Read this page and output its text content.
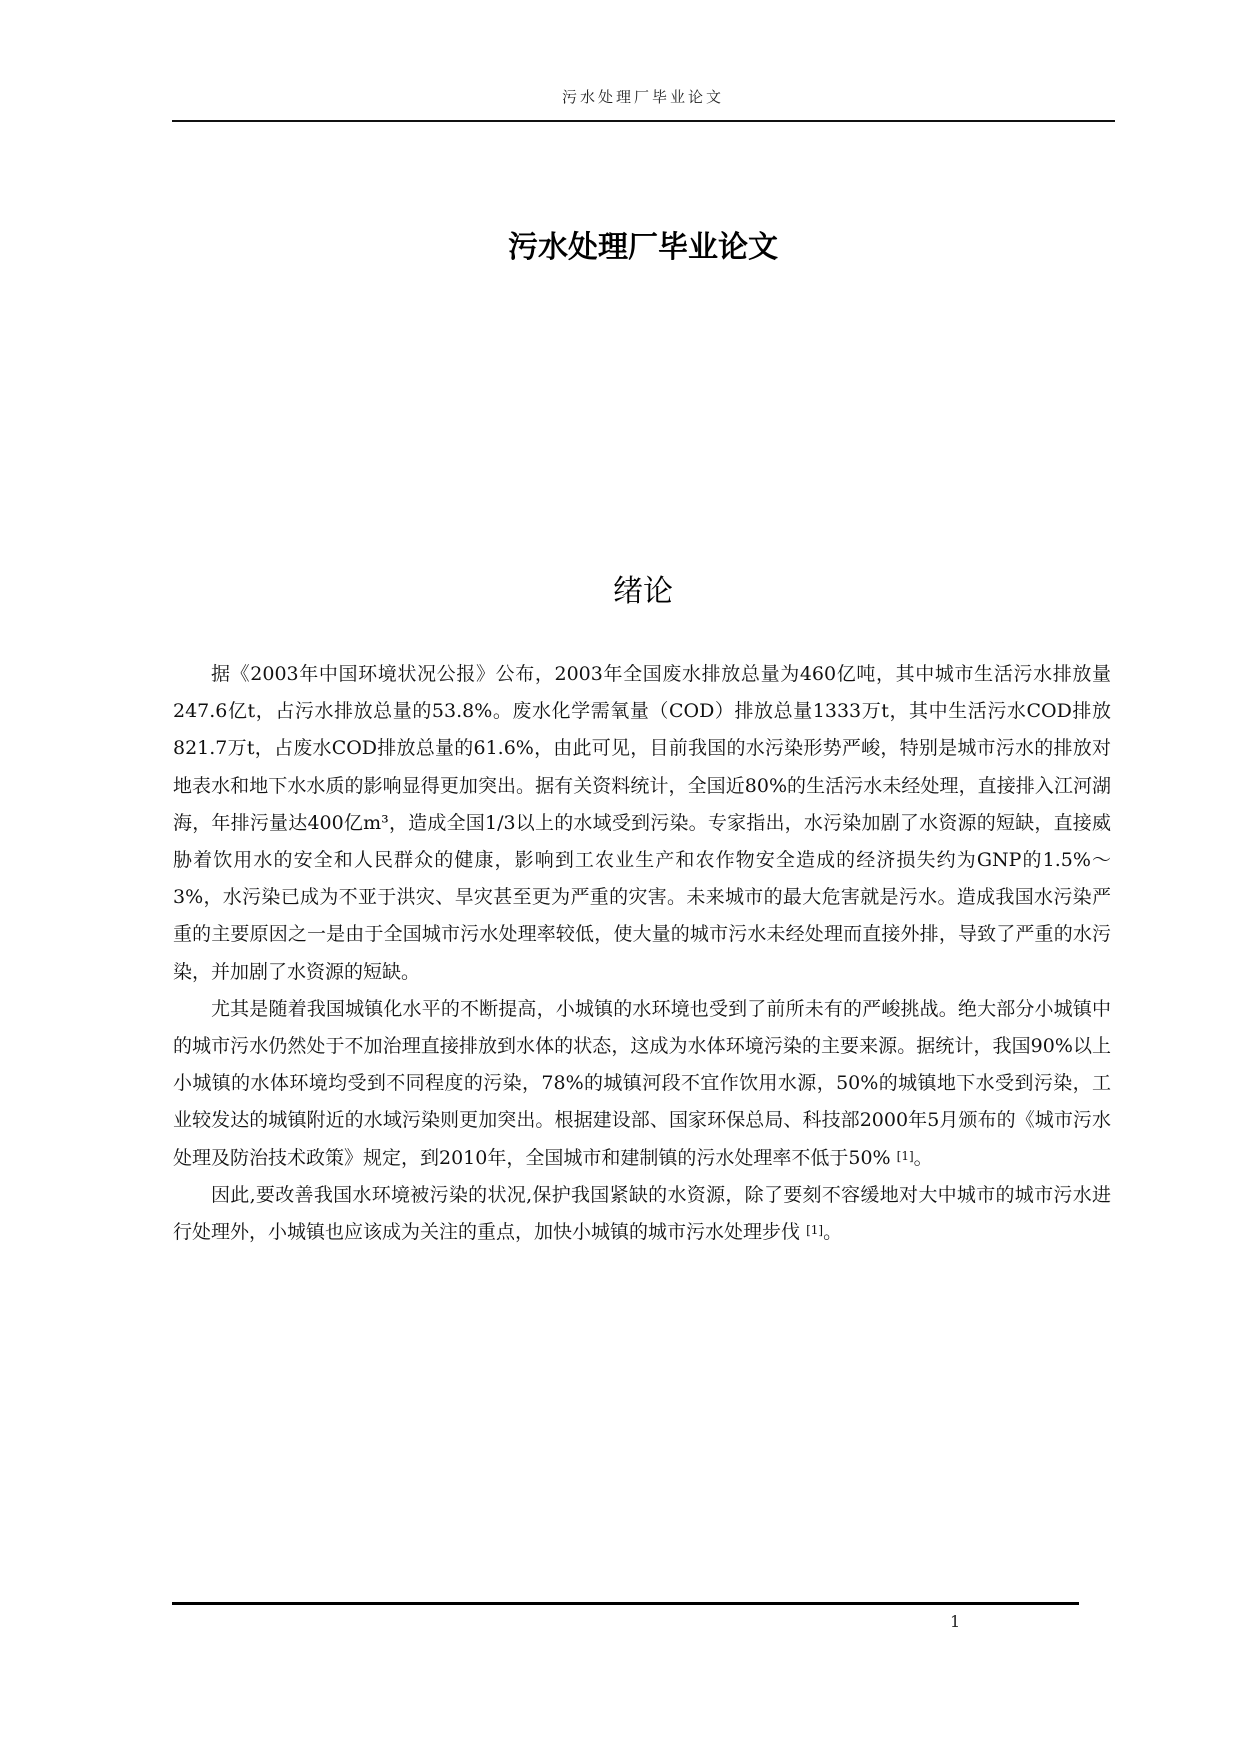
污水处理厂毕业论文
污水处理厂毕业论文
绪论

据《2003年中国环境状况公报》公布，2003年全国废水排放总量为460亿吨，其中城市生活污水排放量247.6亿t，占污水排放总量的53.8%。废水化学需氧量（COD）排放总量1333万t，其中生活污水COD排放821.7万t，占废水COD排放总量的61.6%，由此可见，目前我国的水污染形势严峻，特别是城市污水的排放对地表水和地下水水质的影响显得更加突出。据有关资料统计，全国近80%的生活污水未经处理，直接排入江河湖海，年排污量达400亿m³，造成全国1/3以上的水域受到污染。专家指出，水污染加剧了水资源的短缺，直接威胁着饮用水的安全和人民群众的健康，影响到工农业生产和农作物安全造成的经济损失约为GNP的1.5%～3%，水污染已成为不亚于洪灾、旱灾甚至更为严重的灾害。未来城市的最大危害就是污水。造成我国水污染严重的主要原因之一是由于全国城市污水处理率较低，使大量的城市污水未经处理而直接外排，导致了严重的水污染，并加剧了水资源的短缺。

尤其是随着我国城镇化水平的不断提高，小城镇的水环境也受到了前所未有的严峻挑战。绝大部分小城镇中的城市污水仍然处于不加治理直接排放到水体的状态，这成为水体环境污染的主要来源。据统计，我国90%以上小城镇的水体环境均受到不同程度的污染，78%的城镇河段不宜作饮用水源，50%的城镇地下水受到污染，工业较发达的城镇附近的水域污染则更加突出。根据建设部、国家环保总局、科技部2000年5月颁布的《城市污水处理及防治技术政策》规定，到2010年，全国城市和建制镇的污水处理率不低于50% [1]。

因此,要改善我国水环境被污染的状况,保护我国紧缺的水资源，除了要刻不容缓地对大中城市的城市污水进行处理外，小城镇也应该成为关注的重点，加快小城镇的城市污水处理步伐 [1]。

1
